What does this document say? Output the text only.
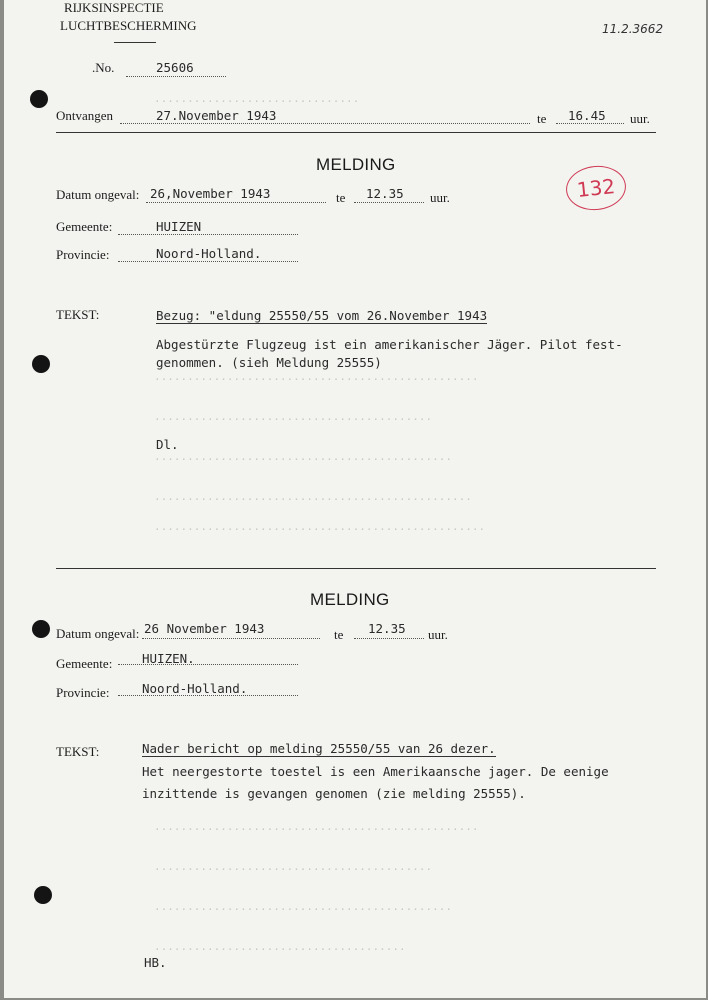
...............................
.................................................
..........................................
.............................................
................................................
..................................................
.................................................
..........................................
.............................................
......................................
RIJKSINSPECTIE
LUCHTBESCHERMING	11.2.3662
.No.	25606
Ontvangen	27.November 1943	te 16.45 uur.
132
MELDING
Datum ongeval: 26,November 1943	te 12.35 uur.
Gemeente:	HUIZEN
Provincie:	Noord-Holland.
TEKST:	Bezug: "eldung 25550/55 vom 26.November 1943
Abgestürzte Flugzeug ist ein amerikanischer Jäger. Pilot fest-
genommen. (sieh Meldung 25555)
Dl.
MELDING
Datum ongeval: 26 November 1943	te 12.35 uur.
Gemeente: HUIZEN.
Provincie:	Noord-Holland.
TEKST:	Nader bericht op melding 25550/55 van 26 dezer.
Het neergestorte toestel is een Amerikaansche jager. De eenige
inzittende is gevangen genomen (zie melding 25555).
HB.
